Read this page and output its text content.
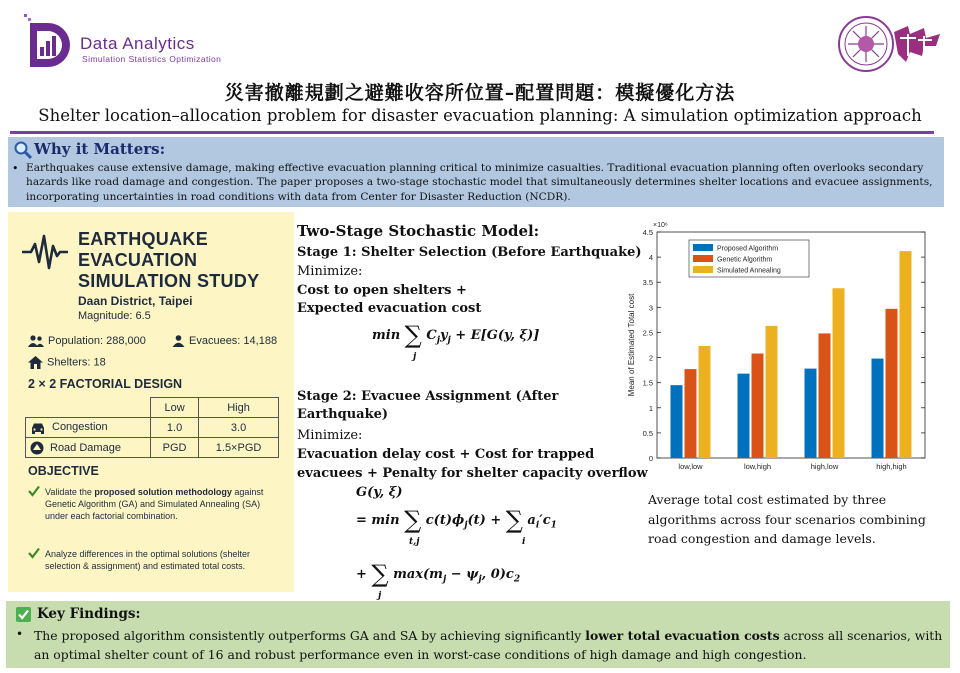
Data Analytics
Simulation Statistics Optimization
災害撤離規劃之避難收容所位置–配置問題：模擬優化方法
Shelter location–allocation problem for disaster evacuation planning: A simulation optimization approach
Why it Matters:
• Earthquakes cause extensive damage, making effective evacuation planning critical to minimize casualties. Traditional evacuation planning often overlooks secondary hazards like road damage and congestion. The paper proposes a two-stage stochastic model that simultaneously determines shelter locations and evacuee assignments, incorporating uncertainties in road conditions with data from Center for Disaster Reduction (NCDR).
EARTHQUAKE
EVACUATION
SIMULATION STUDY
Daan District, Taipei
Magnitude: 6.5
Population: 288,000	Evacuees: 14,188
Shelters: 18
2 × 2 FACTORIAL DESIGN
	Low	High
Congestion	1.0	3.0
Road Damage	PGD	1.5×PGD
OBJECTIVE
Validate the proposed solution methodology against Genetic Algorithm (GA) and Simulated Annealing (SA) under each factorial combination.
Analyze differences in the optimal solutions (shelter selection & assignment) and estimated total costs.
Two-Stage Stochastic Model:
Stage 1: Shelter Selection (Before Earthquake)
Minimize:
Cost to open shelters +
Expected evacuation cost
Stage 2: Evacuee Assignment (After
Earthquake)
Minimize:
Evacuation delay cost + Cost for trapped
evacuees + Penalty for shelter capacity overflow
min ∑ $C_jy_j + E[G(y$, ξ)]
j
G(y, ξ)
= min ∑ $c(t)\phi_j(t)$ + ∑ $a_i'c_1$
t,j	i
+ ∑ $\max(m_j - \psi_j$, $0)c_2$
j
0
0.5
1
1.5
2
2.5
3
3.5
4
4.5
×10⁶
Mean of Estimated Total cost
low,low	low,high	high,low	high,high
Proposed Algorithm
Genetic Algorithm
Simulated Annealing
Average total cost estimated by three algorithms across four scenarios combining road congestion and damage levels.
Key Findings:
• The proposed algorithm consistently outperforms GA and SA by achieving significantly lower total evacuation costs across all scenarios, with an optimal shelter count of 16 and robust performance even in worst-case conditions of high damage and high congestion.
